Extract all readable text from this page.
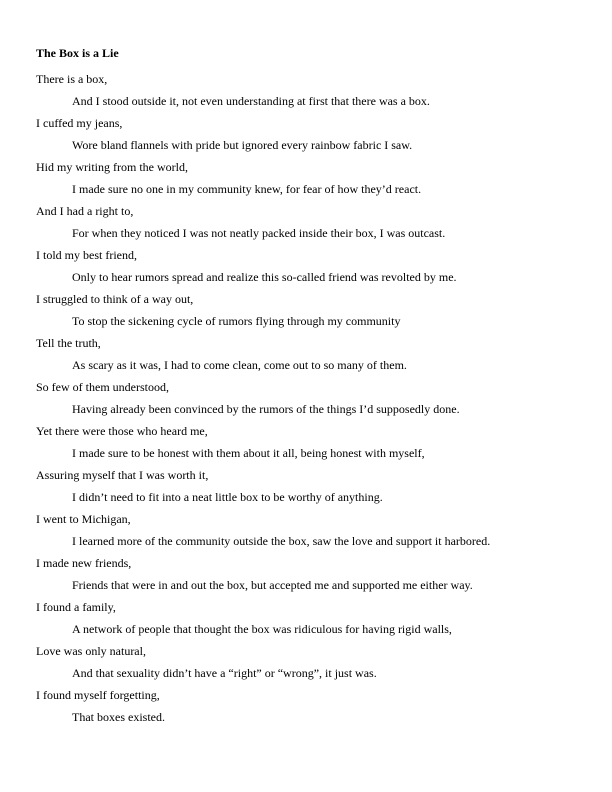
The Box is a Lie
There is a box,
And I stood outside it, not even understanding at first that there was a box.
I cuffed my jeans,
Wore bland flannels with pride but ignored every rainbow fabric I saw.
Hid my writing from the world,
I made sure no one in my community knew, for fear of how they’d react.
And I had a right to,
For when they noticed I was not neatly packed inside their box, I was outcast.
I told my best friend,
Only to hear rumors spread and realize this so-called friend was revolted by me.
I struggled to think of a way out,
To stop the sickening cycle of rumors flying through my community
Tell the truth,
As scary as it was, I had to come clean, come out to so many of them.
So few of them understood,
Having already been convinced by the rumors of the things I’d supposedly done.
Yet there were those who heard me,
I made sure to be honest with them about it all, being honest with myself,
Assuring myself that I was worth it,
I didn’t need to fit into a neat little box to be worthy of anything.
I went to Michigan,
I learned more of the community outside the box, saw the love and support it harbored.
I made new friends,
Friends that were in and out the box, but accepted me and supported me either way.
I found a family,
A network of people that thought the box was ridiculous for having rigid walls,
Love was only natural,
And that sexuality didn’t have a “right” or “wrong”, it just was.
I found myself forgetting,
That boxes existed.
